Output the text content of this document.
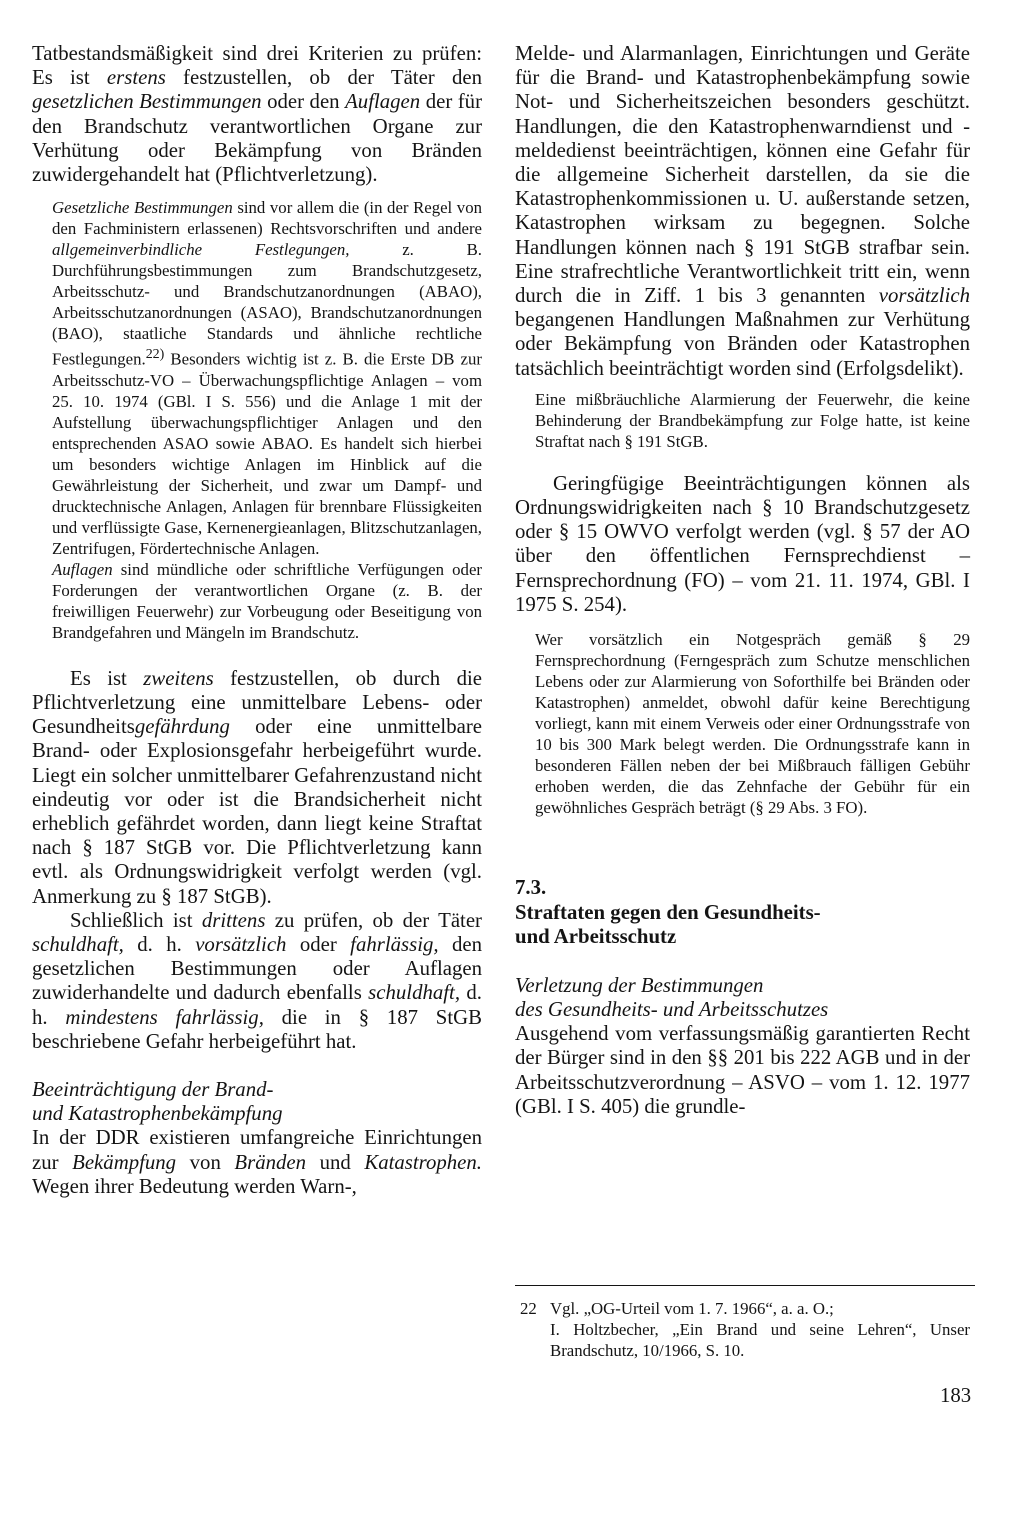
Tatbestandsmäßigkeit sind drei Kriterien zu prüfen: Es ist erstens festzustellen, ob der Täter den gesetzlichen Bestimmungen oder den Auflagen der für den Brandschutz verantwortlichen Organe zur Verhütung oder Bekämpfung von Bränden zuwidergehandelt hat (Pflichtverletzung).

Gesetzliche Bestimmungen sind vor allem die (in der Regel von den Fachministern erlassenen) Rechtsvorschriften und andere allgemeinverbindliche Festlegungen, z. B. Durchführungsbestimmungen zum Brandschutzgesetz, Arbeitsschutz- und Brandschutzanordnungen (ABAO), Arbeitsschutzanordnungen (ASAO), Brandschutzanordnungen (BAO), staatliche Standards und ähnliche rechtliche Festlegungen.$^{22)}$ Besonders wichtig ist z. B. die Erste DB zur Arbeitsschutz-VO – Überwachungspflichtige Anlagen – vom 25. 10. 1974 (GBl. I S. 556) und die Anlage 1 mit der Aufstellung überwachungspflichtiger Anlagen und den entsprechenden ASAO sowie ABAO. Es handelt sich hierbei um besonders wichtige Anlagen im Hinblick auf die Gewährleistung der Sicherheit, und zwar um Dampf- und drucktechnische Anlagen, Anlagen für brennbare Flüssigkeiten und verflüssigte Gase, Kernenergieanlagen, Blitzschutzanlagen, Zentrifugen, Fördertechnische Anlagen.

Auflagen sind mündliche oder schriftliche Verfügungen oder Forderungen der verantwortlichen Organe (z. B. der freiwilligen Feuerwehr) zur Vorbeugung oder Beseitigung von Brandgefahren und Mängeln im Brandschutz.

Es ist zweitens festzustellen, ob durch die Pflichtverletzung eine unmittelbare Lebens- oder Gesundheitsgefährdung oder eine unmittelbare Brand- oder Explosionsgefahr herbeigeführt wurde. Liegt ein solcher unmittelbarer Gefahrenzustand nicht eindeutig vor oder ist die Brandsicherheit nicht erheblich gefährdet worden, dann liegt keine Straftat nach § 187 StGB vor. Die Pflichtverletzung kann evtl. als Ordnungswidrigkeit verfolgt werden (vgl. Anmerkung zu § 187 StGB).

Schließlich ist drittens zu prüfen, ob der Täter schuldhaft, d. h. vorsätzlich oder fahrlässig, den gesetzlichen Bestimmungen oder Auflagen zuwiderhandelte und dadurch ebenfalls schuldhaft, d. h. mindestens fahrlässig, die in § 187 StGB beschriebene Gefahr herbeigeführt hat.

Beeinträchtigung der Brand-
und Katastrophenbekämpfung

In der DDR existieren umfangreiche Einrichtungen zur Bekämpfung von Bränden und Katastrophen. Wegen ihrer Bedeutung werden Warn-,

Melde- und Alarmanlagen, Einrichtungen und Geräte für die Brand- und Katastrophenbekämpfung sowie Not- und Sicherheitszeichen besonders geschützt. Handlungen, die den Katastrophenwarndienst und -meldedienst beeinträchtigen, können eine Gefahr für die allgemeine Sicherheit darstellen, da sie die Katastrophenkommissionen u. U. außerstande setzen, Katastrophen wirksam zu begegnen. Solche Handlungen können nach § 191 StGB strafbar sein. Eine strafrechtliche Verantwortlichkeit tritt ein, wenn durch die in Ziff. 1 bis 3 genannten vorsätzlich begangenen Handlungen Maßnahmen zur Verhütung oder Bekämpfung von Bränden oder Katastrophen tatsächlich beeinträchtigt worden sind (Erfolgsdelikt).

Eine mißbräuchliche Alarmierung der Feuerwehr, die keine Behinderung der Brandbekämpfung zur Folge hatte, ist keine Straftat nach § 191 StGB.

Geringfügige Beeinträchtigungen können als Ordnungswidrigkeiten nach § 10 Brandschutzgesetz oder § 15 OWVO verfolgt werden (vgl. § 57 der AO über den öffentlichen Fernsprechdienst – Fernsprechordnung (FO) – vom 21. 11. 1974, GBl. I 1975 S. 254).

Wer vorsätzlich ein Notgespräch gemäß § 29 Fernsprechordnung (Ferngespräch zum Schutze menschlichen Lebens oder zur Alarmierung von Soforthilfe bei Bränden oder Katastrophen) anmeldet, obwohl dafür keine Berechtigung vorliegt, kann mit einem Verweis oder einer Ordnungsstrafe von 10 bis 300 Mark belegt werden. Die Ordnungsstrafe kann in besonderen Fällen neben der bei Mißbrauch fälligen Gebühr erhoben werden, die das Zehnfache der Gebühr für ein gewöhnliches Gespräch beträgt (§ 29 Abs. 3 FO).

7.3.
Straftaten gegen den Gesundheits-
und Arbeitsschutz
Verletzung der Bestimmungen
des Gesundheits- und Arbeitsschutzes

Ausgehend vom verfassungsmäßig garantierten Recht der Bürger sind in den §§ 201 bis 222 AGB und in der Arbeitsschutzverordnung – ASVO – vom 1. 12. 1977 (GBl. I S. 405) die grundle-

22 Vgl. „OG-Urteil vom 1. 7. 1966“, a. a. O.;
I. Holtzbecher, „Ein Brand und seine Lehren“, Unser Brandschutz, 10/1966, S. 10.
183
